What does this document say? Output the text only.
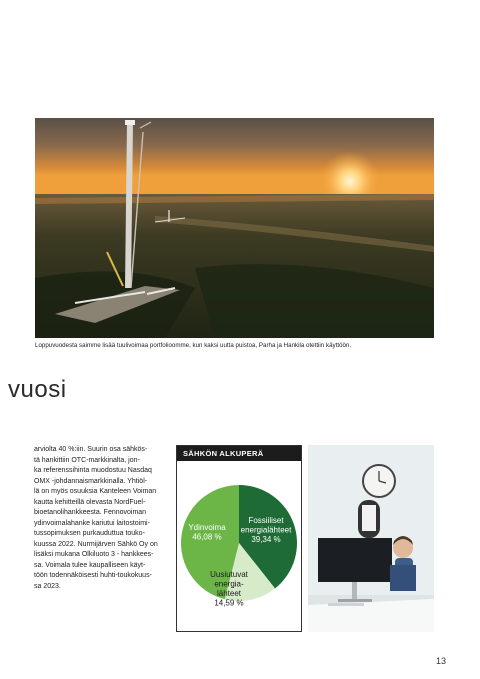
Loppuvuodesta saimme lisää tuulivoimaa portfolioomme, kun kaksi uutta puistoa, Parha ja Hankila otettiin käyttöön.
vuosi
arviolta 40 %:iin. Suurin osa sähkös-
tä hankittiin OTC-markkinalta, jon-
ka referenssihinta muodostuu Nasdaq
OMX -johdannaismarkkinalla. Yhtiöl-
lä on myös osuuksia Kanteleen Voiman
kautta kehitteillä olevasta NordFuel-
bioetanolihankkeesta. Fennovoiman
ydinvoimalahanke kariutui laitostoimi-
tussopimuksen purkauduttua touko-
kuussa 2022. Nurmijärven Sähkö Oy on
lisäksi mukana Olkiluoto 3 - hankkees-
sa. Voimala tulee kaupalliseen käyt-
töön todennäköisesti huhti-toukokuus-
sa 2023.
SÄHKÖN ALKUPERÄ
Fossiiliset energialähteet 39,34 %
Uusiutuvat energia-lähteet 14,59 %
Ydinvoima 46,08 %
13
